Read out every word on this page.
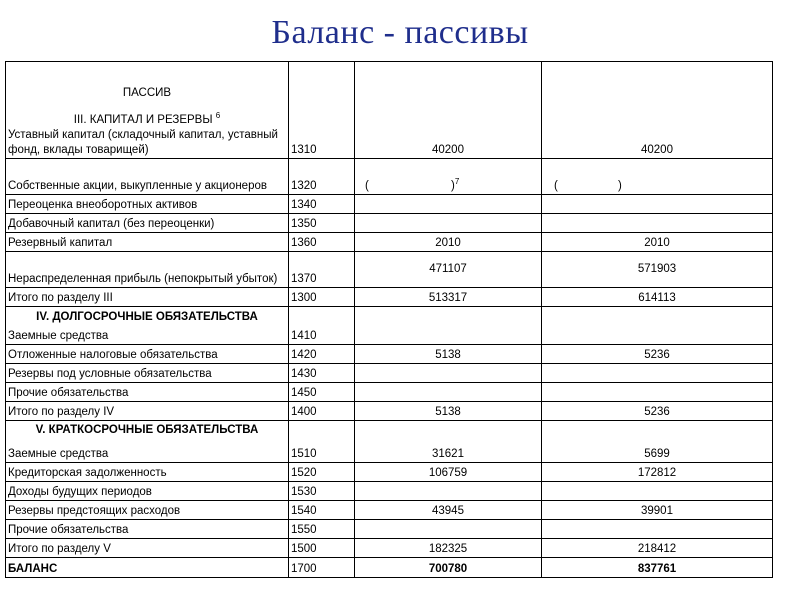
Баланс - пассивы
ПАССИВ
III. КАПИТАЛ И РЕЗЕРВЫ $^6$
Уставный капитал (складочный капитал, уставный фонд, вклады товарищей)	1310	40200	40200
Собственные акции, выкупленные у акционеров	1320	( )$^7$	( )

Переоценка внеоборотных активов	1340		
Добавочный капитал (без переоценки)	1350		
Резервный капитал	1360	2010	2010
Нераспределенная прибыль (непокрытый убыток)	1370	471107	571903
Итого по разделу III	1300	513317	614113

IV. ДОЛГОСРОЧНЫЕ ОБЯЗАТЕЛЬСТВА
Заемные средства	1410		
Отложенные налоговые обязательства	1420	5138	5236
Резервы под условные обязательства	1430		
Прочие обязательства	1450		
Итого по разделу IV	1400	5138	5236

V. КРАТКОСРОЧНЫЕ ОБЯЗАТЕЛЬСТВА
Заемные средства	1510	31621	5699
Кредиторская задолженность	1520	106759	172812
Доходы будущих периодов	1530		
Резервы предстоящих расходов	1540	43945	39901
Прочие обязательства	1550		
Итого по разделу V	1500	182325	218412
БАЛАНС	1700	700780	837761
